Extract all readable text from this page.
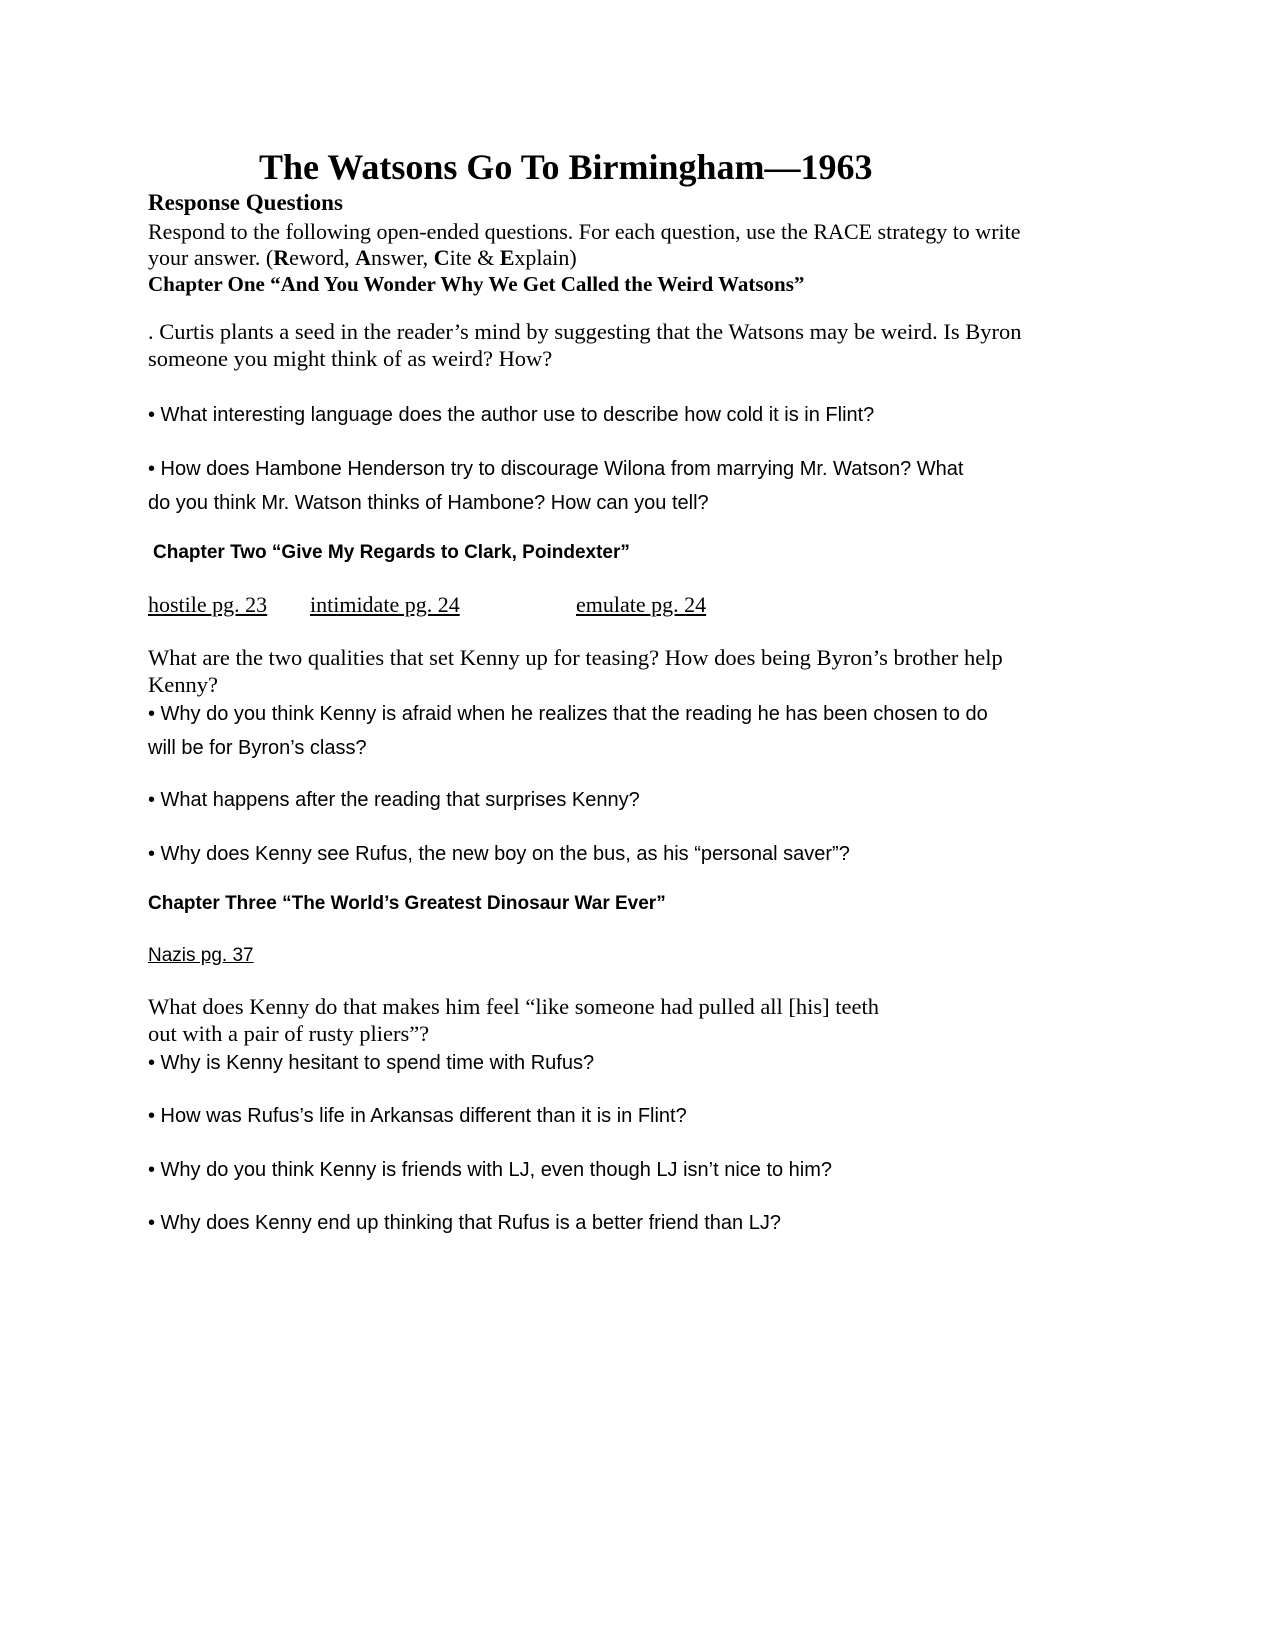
The Watsons Go To Birmingham—1963
Response Questions
Respond to the following open-ended questions. For each question, use the RACE strategy to write
your answer. (Reword, Answer, Cite & Explain)
Chapter One “And You Wonder Why We Get Called the Weird Watsons”
. Curtis plants a seed in the reader’s mind by suggesting that the Watsons may be weird. Is Byron
someone you might think of as weird? How?
• What interesting language does the author use to describe how cold it is in Flint?
• How does Hambone Henderson try to discourage Wilona from marrying Mr. Watson? What
do you think Mr. Watson thinks of Hambone? How can you tell?
Chapter Two “Give My Regards to Clark, Poindexter”
hostile pg. 23 intimidate pg. 24	emulate pg. 24
What are the two qualities that set Kenny up for teasing? How does being Byron’s brother help
Kenny?
• Why do you think Kenny is afraid when he realizes that the reading he has been chosen to do
will be for Byron’s class?
• What happens after the reading that surprises Kenny?
• Why does Kenny see Rufus, the new boy on the bus, as his “personal saver”?
Chapter Three “The World’s Greatest Dinosaur War Ever”
Nazis pg. 37
What does Kenny do that makes him feel “like someone had pulled all [his] teeth
out with a pair of rusty pliers”?
• Why is Kenny hesitant to spend time with Rufus?
• How was Rufus’s life in Arkansas different than it is in Flint?
• Why do you think Kenny is friends with LJ, even though LJ isn’t nice to him?
• Why does Kenny end up thinking that Rufus is a better friend than LJ?
